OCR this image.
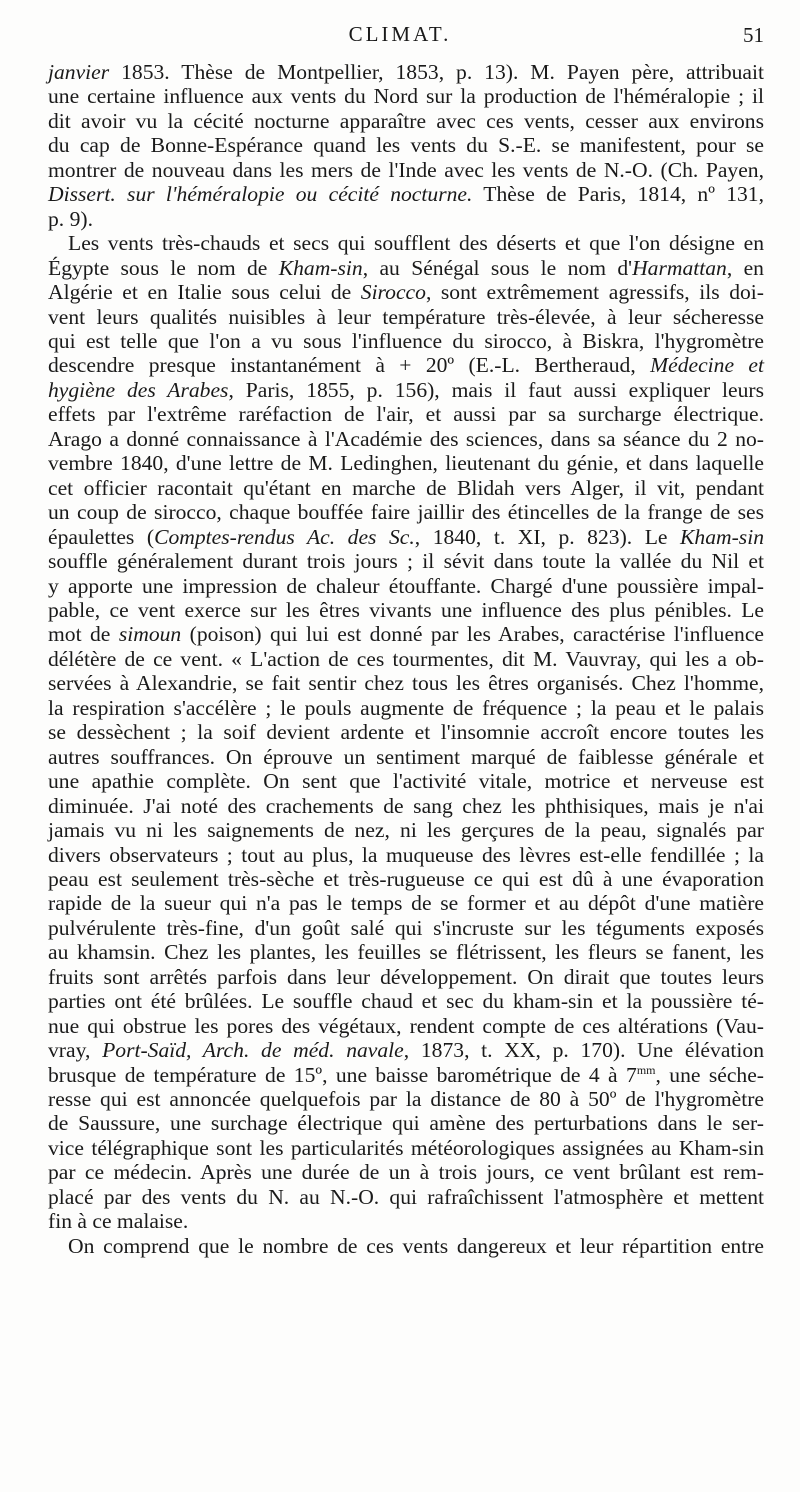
CLIMAT.	51
janvier 1853. Thèse de Montpellier, 1853, p. 13). M. Payen père, attribuait
une certaine influence aux vents du Nord sur la production de l'héméralopie ; il
dit avoir vu la cécité nocturne apparaître avec ces vents, cesser aux environs
du cap de Bonne-Espérance quand les vents du S.-E. se manifestent, pour se
montrer de nouveau dans les mers de l'Inde avec les vents de N.-O. (Ch. Payen,
Dissert. sur l'héméralopie ou cécité nocturne. Thèse de Paris, 1814, nº 131,
p. 9).
Les vents très-chauds et secs qui soufflent des déserts et que l'on désigne en
Égypte sous le nom de Kham-sin, au Sénégal sous le nom d'Harmattan, en
Algérie et en Italie sous celui de Sirocco, sont extrêmement agressifs, ils doi-
vent leurs qualités nuisibles à leur température très-élevée, à leur sécheresse
qui est telle que l'on a vu sous l'influence du sirocco, à Biskra, l'hygromètre
descendre presque instantanément à + 20º (E.-L. Bertheraud, Médecine et
hygiène des Arabes, Paris, 1855, p. 156), mais il faut aussi expliquer leurs
effets par l'extrême raréfaction de l'air, et aussi par sa surcharge électrique.
Arago a donné connaissance à l'Académie des sciences, dans sa séance du 2 no-
vembre 1840, d'une lettre de M. Ledinghen, lieutenant du génie, et dans laquelle
cet officier racontait qu'étant en marche de Blidah vers Alger, il vit, pendant
un coup de sirocco, chaque bouffée faire jaillir des étincelles de la frange de ses
épaulettes (Comptes-rendus Ac. des Sc., 1840, t. XI, p. 823). Le Kham-sin
souffle généralement durant trois jours ; il sévit dans toute la vallée du Nil et
y apporte une impression de chaleur étouffante. Chargé d'une poussière impal-
pable, ce vent exerce sur les êtres vivants une influence des plus pénibles. Le
mot de simoun (poison) qui lui est donné par les Arabes, caractérise l'influence
délétère de ce vent. « L'action de ces tourmentes, dit M. Vauvray, qui les a ob-
servées à Alexandrie, se fait sentir chez tous les êtres organisés. Chez l'homme,
la respiration s'accélère ; le pouls augmente de fréquence ; la peau et le palais
se dessèchent ; la soif devient ardente et l'insomnie accroît encore toutes les
autres souffrances. On éprouve un sentiment marqué de faiblesse générale et
une apathie complète. On sent que l'activité vitale, motrice et nerveuse est
diminuée. J'ai noté des crachements de sang chez les phthisiques, mais je n'ai
jamais vu ni les saignements de nez, ni les gerçures de la peau, signalés par
divers observateurs ; tout au plus, la muqueuse des lèvres est-elle fendillée ; la
peau est seulement très-sèche et très-rugueuse ce qui est dû à une évaporation
rapide de la sueur qui n'a pas le temps de se former et au dépôt d'une matière
pulvérulente très-fine, d'un goût salé qui s'incruste sur les téguments exposés
au khamsin. Chez les plantes, les feuilles se flétrissent, les fleurs se fanent, les
fruits sont arrêtés parfois dans leur développement. On dirait que toutes leurs
parties ont été brûlées. Le souffle chaud et sec du kham-sin et la poussière té-
nue qui obstrue les pores des végétaux, rendent compte de ces altérations (Vau-
vray, Port-Saïd, Arch. de méd. navale, 1873, t. XX, p. 170). Une élévation
brusque de température de 15º, une baisse barométrique de 4 à $7^{mm}$, une séche-
resse qui est annoncée quelquefois par la distance de 80 à 50º de l'hygromètre
de Saussure, une surchage électrique qui amène des perturbations dans le ser-
vice télégraphique sont les particularités météorologiques assignées au Kham-sin
par ce médecin. Après une durée de un à trois jours, ce vent brûlant est rem-
placé par des vents du N. au N.-O. qui rafraîchissent l'atmosphère et mettent
fin à ce malaise.
On comprend que le nombre de ces vents dangereux et leur répartition entre
